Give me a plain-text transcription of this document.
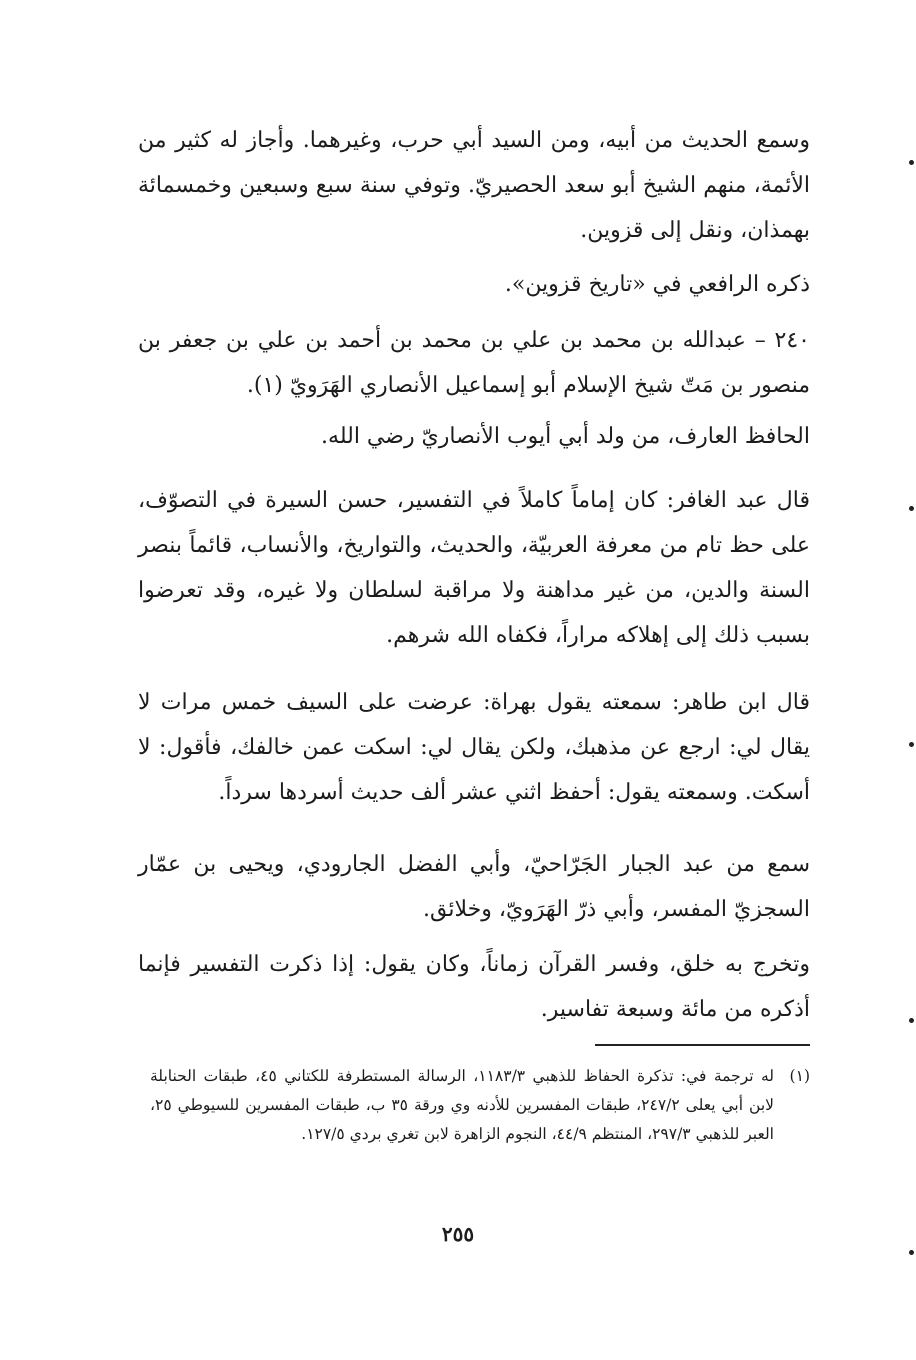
وسمع الحديث من أبيه، ومن السيد أبي حرب، وغيرهما. وأجاز له كثير من الأئمة، منهم الشيخ أبو سعد الحصيريّ. وتوفي سنة سبع وسبعين وخمسمائة بهمذان، ونقل إلى قزوين.

ذكره الرافعي في «تاريخ قزوين».

٢٤٠ – عبدالله بن محمد بن علي بن محمد بن أحمد بن علي بن جعفر بن منصور بن مَتّ شيخ الإسلام أبو إسماعيل الأنصاري الهَرَويّ (١).

الحافظ العارف، من ولد أبي أيوب الأنصاريّ رضي الله.

قال عبد الغافر: كان إماماً كاملاً في التفسير، حسن السيرة في التصوّف، على حظ تام من معرفة العربيّة، والحديث، والتواريخ، والأنساب، قائماً بنصر السنة والدين، من غير مداهنة ولا مراقبة لسلطان ولا غيره، وقد تعرضوا بسبب ذلك إلى إهلاكه مراراً، فكفاه الله شرهم.

قال ابن طاهر: سمعته يقول بهراة: عرضت على السيف خمس مرات لا يقال لي: ارجع عن مذهبك، ولكن يقال لي: اسكت عمن خالفك، فأقول: لا أسكت. وسمعته يقول: أحفظ اثني عشر ألف حديث أسردها سرداً.

سمع من عبد الجبار الجَرّاحيّ، وأبي الفضل الجارودي، ويحيى بن عمّار السجزيّ المفسر، وأبي ذرّ الهَرَويّ، وخلائق.

وتخرج به خلق، وفسر القرآن زماناً، وكان يقول: إذا ذكرت التفسير فإنما أذكره من مائة وسبعة تفاسير.

(١)
له ترجمة في: تذكرة الحفاظ للذهبي ١١٨٣/٣، الرسالة المستطرفة للكتاني ٤٥، طبقات الحنابلة لابن أبي يعلى ٢٤٧/٢، طبقات المفسرين للأدنه وي ورقة ٣٥ ب، طبقات المفسرين للسيوطي ٢٥، العبر للذهبي ٢٩٧/٣، المنتظم ٤٤/٩، النجوم الزاهرة لابن تغري بردي ١٢٧/٥.
٢٥٥
